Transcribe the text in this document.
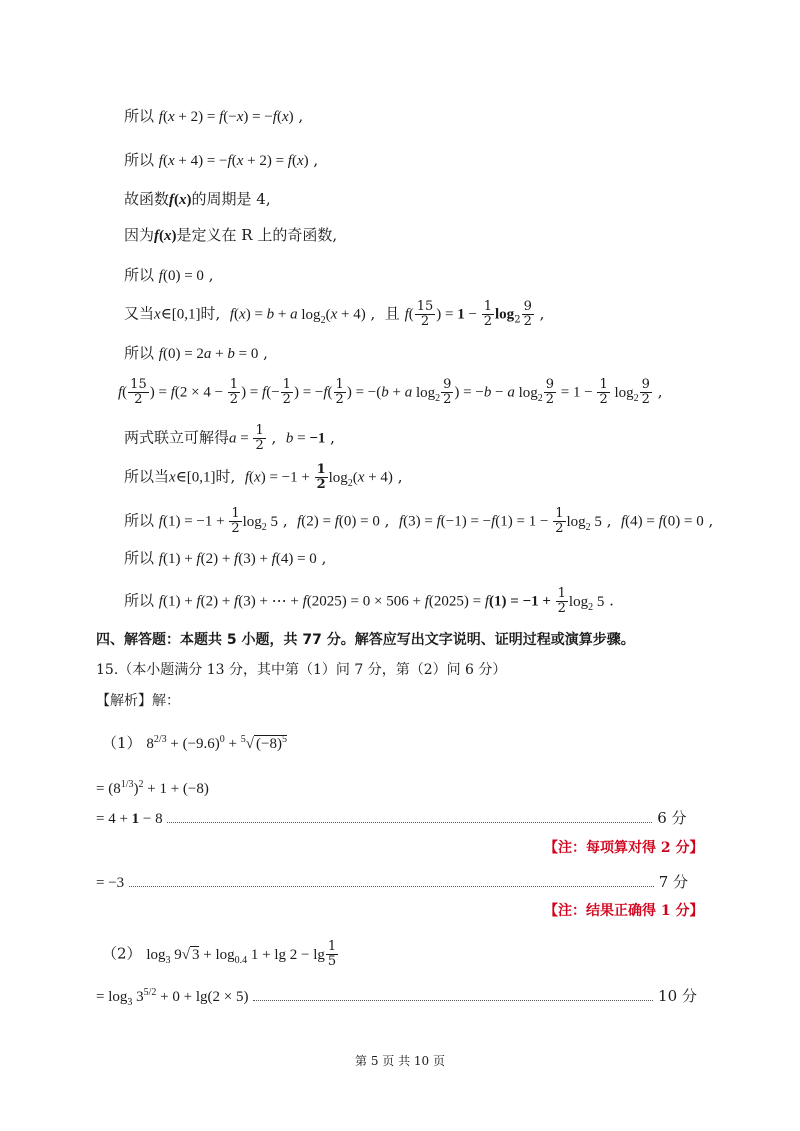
所以 f(x + 2) = f(−x) = −f(x) ,
所以 f(x + 4) = −f(x + 2) = f(x) ,
故函数f(x)的周期是 4,
因为f(x)是定义在 R 上的奇函数,
所以 f(0) = 0 ,
又当x∈[0,1]时, f(x) = b + a $\log_2(x + 4)$ ,  且 $f( \frac{15}{2}$ ) = $1 - \frac{1}{2} \log_2 \frac{9}{2}$ ,
所以 f(0) = 2a + b = 0 ,
$f( \frac{15}{2}$ ) = $f(2 \times 4 - \frac{1}{2}$ ) = $f(- \frac{1}{2}$ ) = $-f( \frac{1}{2}$ ) = −(b + a $\log_2 \frac{9}{2}$ ) = −b − a $\log_2 \frac{9}{2} = 1 - \frac{1}{2} \log_2 \frac{9}{2}$ ,
两式联立可解得$a = \frac{1}{2}$ ,  b = −1 ,
所以当x∈[0,1]时, $f(x) = -1 + \frac{1}{2} \log_2(x + 4)$ ,
所以 $f(1) = -1 + \frac{1}{2} \log_2 5$ ,  f(2) = f(0) = 0 ,  $f(3) = f(-1) = -f(1) = 1 - \frac{1}{2} \log_2 5$ ,  f(4) = f(0) = 0 ,
所以 f(1) + f(2) + f(3) + f(4) = 0 ,
所以 f(1) + f(2) + f(3) + ⋯ + $f(2025) = 0 \times 506 + f(2025) = f(1) = -1 + \frac{1}{2} \log_2 5$ .
四、解答题：本题共 5 小题，共 77 分。解答应写出文字说明、证明过程或演算步骤。
15.（本小题满分 13 分，其中第（1）问 7 分，第（2）问 6 分）
【解析】解：
（1） $8^{2/3} + (-9.6)^0 + ^5√$ $(-8)^5$
= $(8^{1/3})^2 + 1 + (-8)$
= 4 + 1 − 8	6 分
【注：每项算对得 2 分】
= −3	7 分
【注：结果正确得 1 分】
（2） $\log_3 9√$ $3 + \log_{0.4} 1 + \lg 2 - \lg \frac{1}{5}$
= $\log_3 3^{5/2} + 0 + \lg(2 \times 5)$	10 分
第 5 页 共 10 页
